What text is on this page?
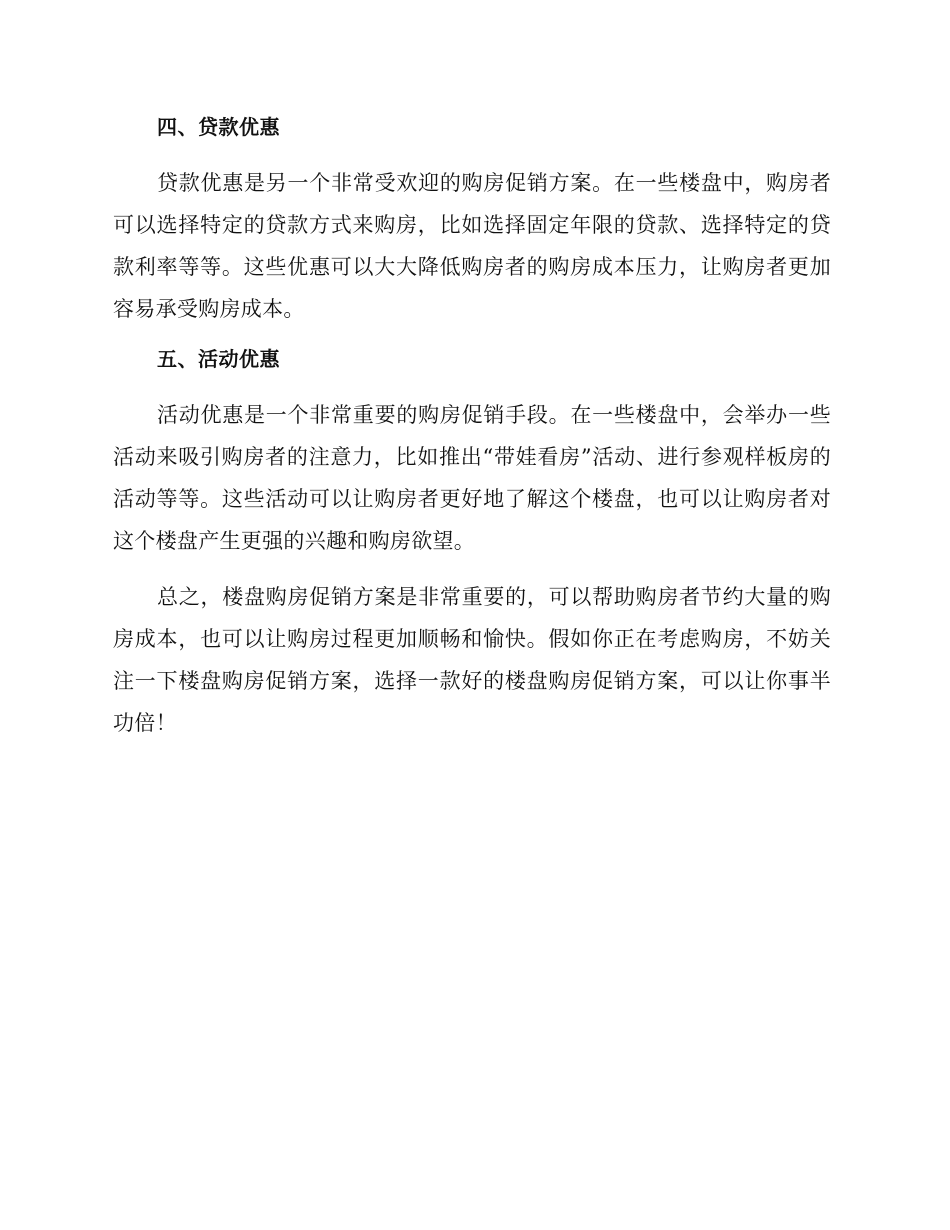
四、贷款优惠

贷款优惠是另一个非常受欢迎的购房促销方案。在一些楼盘中，购房者可以选择特定的贷款方式来购房，比如选择固定年限的贷款、选择特定的贷款利率等等。这些优惠可以大大降低购房者的购房成本压力，让购房者更加容易承受购房成本。

五、活动优惠

活动优惠是一个非常重要的购房促销手段。在一些楼盘中，会举办一些活动来吸引购房者的注意力，比如推出“带娃看房”活动、进行参观样板房的活动等等。这些活动可以让购房者更好地了解这个楼盘，也可以让购房者对这个楼盘产生更强的兴趣和购房欲望。

总之，楼盘购房促销方案是非常重要的，可以帮助购房者节约大量的购房成本，也可以让购房过程更加顺畅和愉快。假如你正在考虑购房，不妨关注一下楼盘购房促销方案，选择一款好的楼盘购房促销方案，可以让你事半功倍！
